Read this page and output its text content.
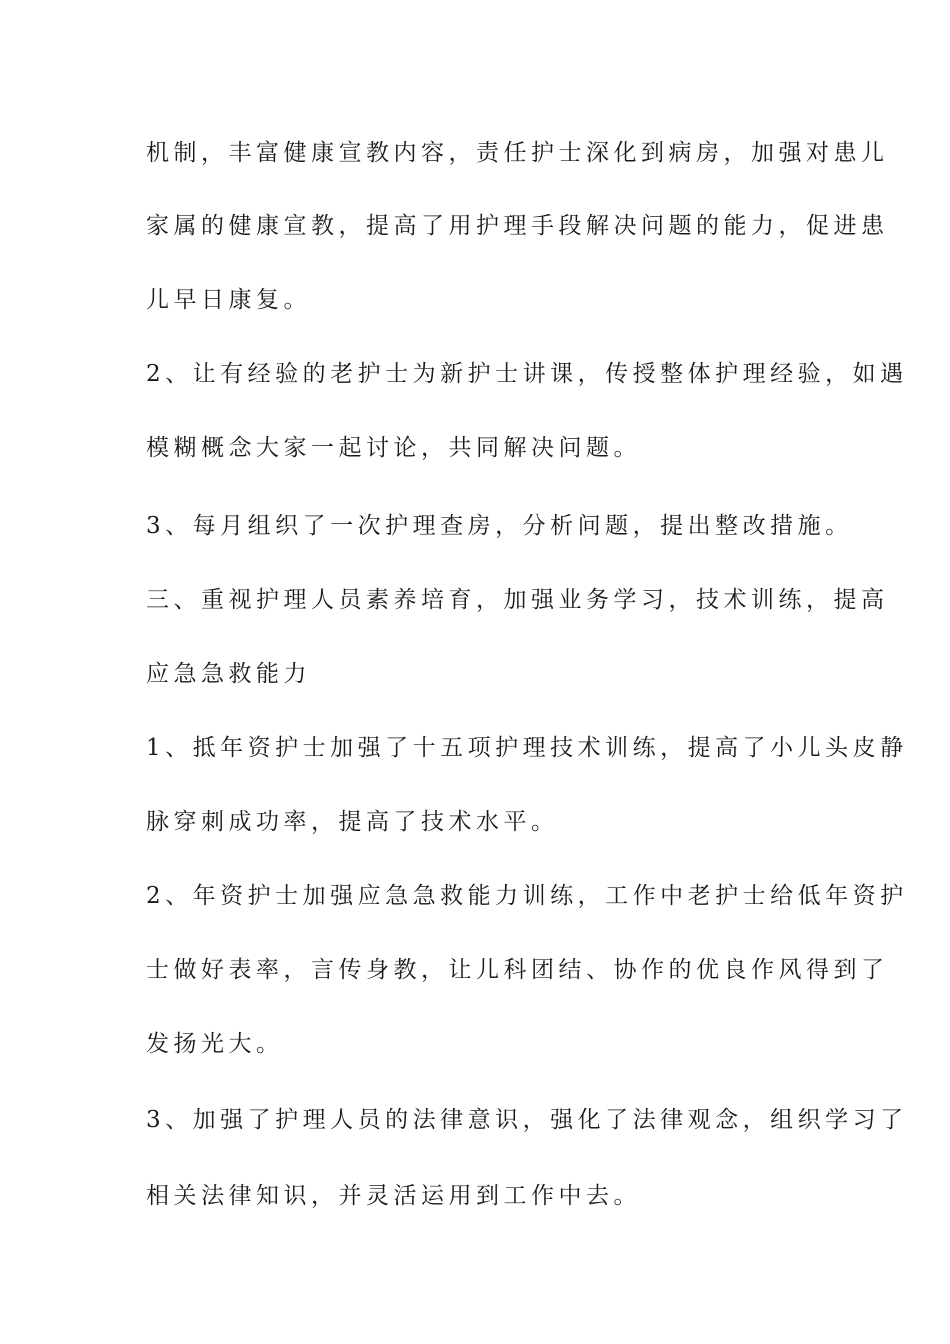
机制，丰富健康宣教内容，责任护士深化到病房，加强对患儿
家属的健康宣教，提高了用护理手段解决问题的能力，促进患
儿早日康复。
2、让有经验的老护士为新护士讲课，传授整体护理经验，如遇
模糊概念大家一起讨论，共同解决问题。
3、每月组织了一次护理查房，分析问题，提出整改措施。
三、重视护理人员素养培育，加强业务学习，技术训练，提高
应急急救能力
1、抵年资护士加强了十五项护理技术训练，提高了小儿头皮静
脉穿刺成功率，提高了技术水平。
2、年资护士加强应急急救能力训练，工作中老护士给低年资护
士做好表率，言传身教，让儿科团结、协作的优良作风得到了
发扬光大。
3、加强了护理人员的法律意识，强化了法律观念，组织学习了
相关法律知识，并灵活运用到工作中去。
